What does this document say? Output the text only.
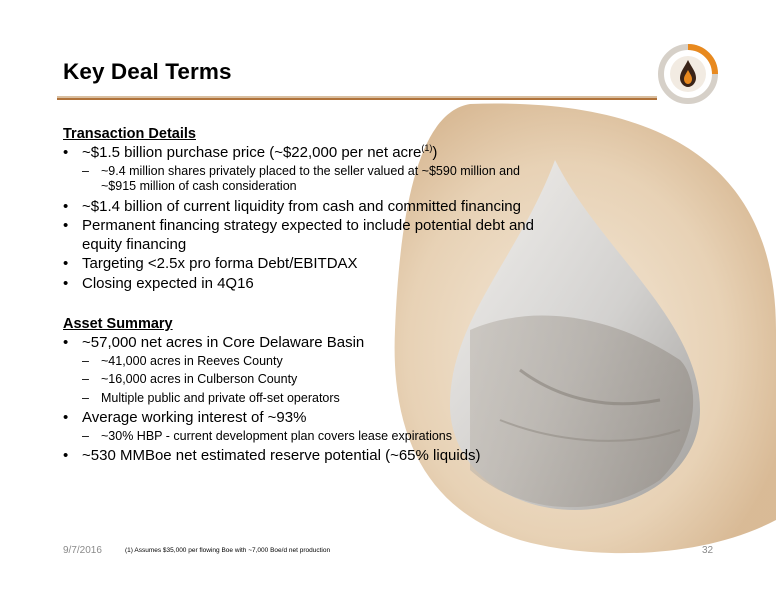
Key Deal Terms

Transaction Details

• ~$1.5 billion purchase price (~$22,000 per net acre$^{(1)}$)
– ~9.4 million shares privately placed to the seller valued at ~$590 million and ~$915 million of cash consideration
• ~$1.4 billion of current liquidity from cash and committed financing
• Permanent financing strategy expected to include potential debt and equity financing
• Targeting <2.5x pro forma Debt/EBITDAX
• Closing expected in 4Q16

Asset Summary

• ~57,000 net acres in Core Delaware Basin
– ~41,000 acres in Reeves County
– ~16,000 acres in Culberson County
– Multiple public and private off-set operators
• Average working interest of ~93%
– ~30% HBP - current development plan covers lease expirations
• ~530 MMBoe net estimated reserve potential (~65% liquids)
9/7/2016	(1) Assumes $35,000 per flowing Boe with ~7,000 Boe/d net production	32
